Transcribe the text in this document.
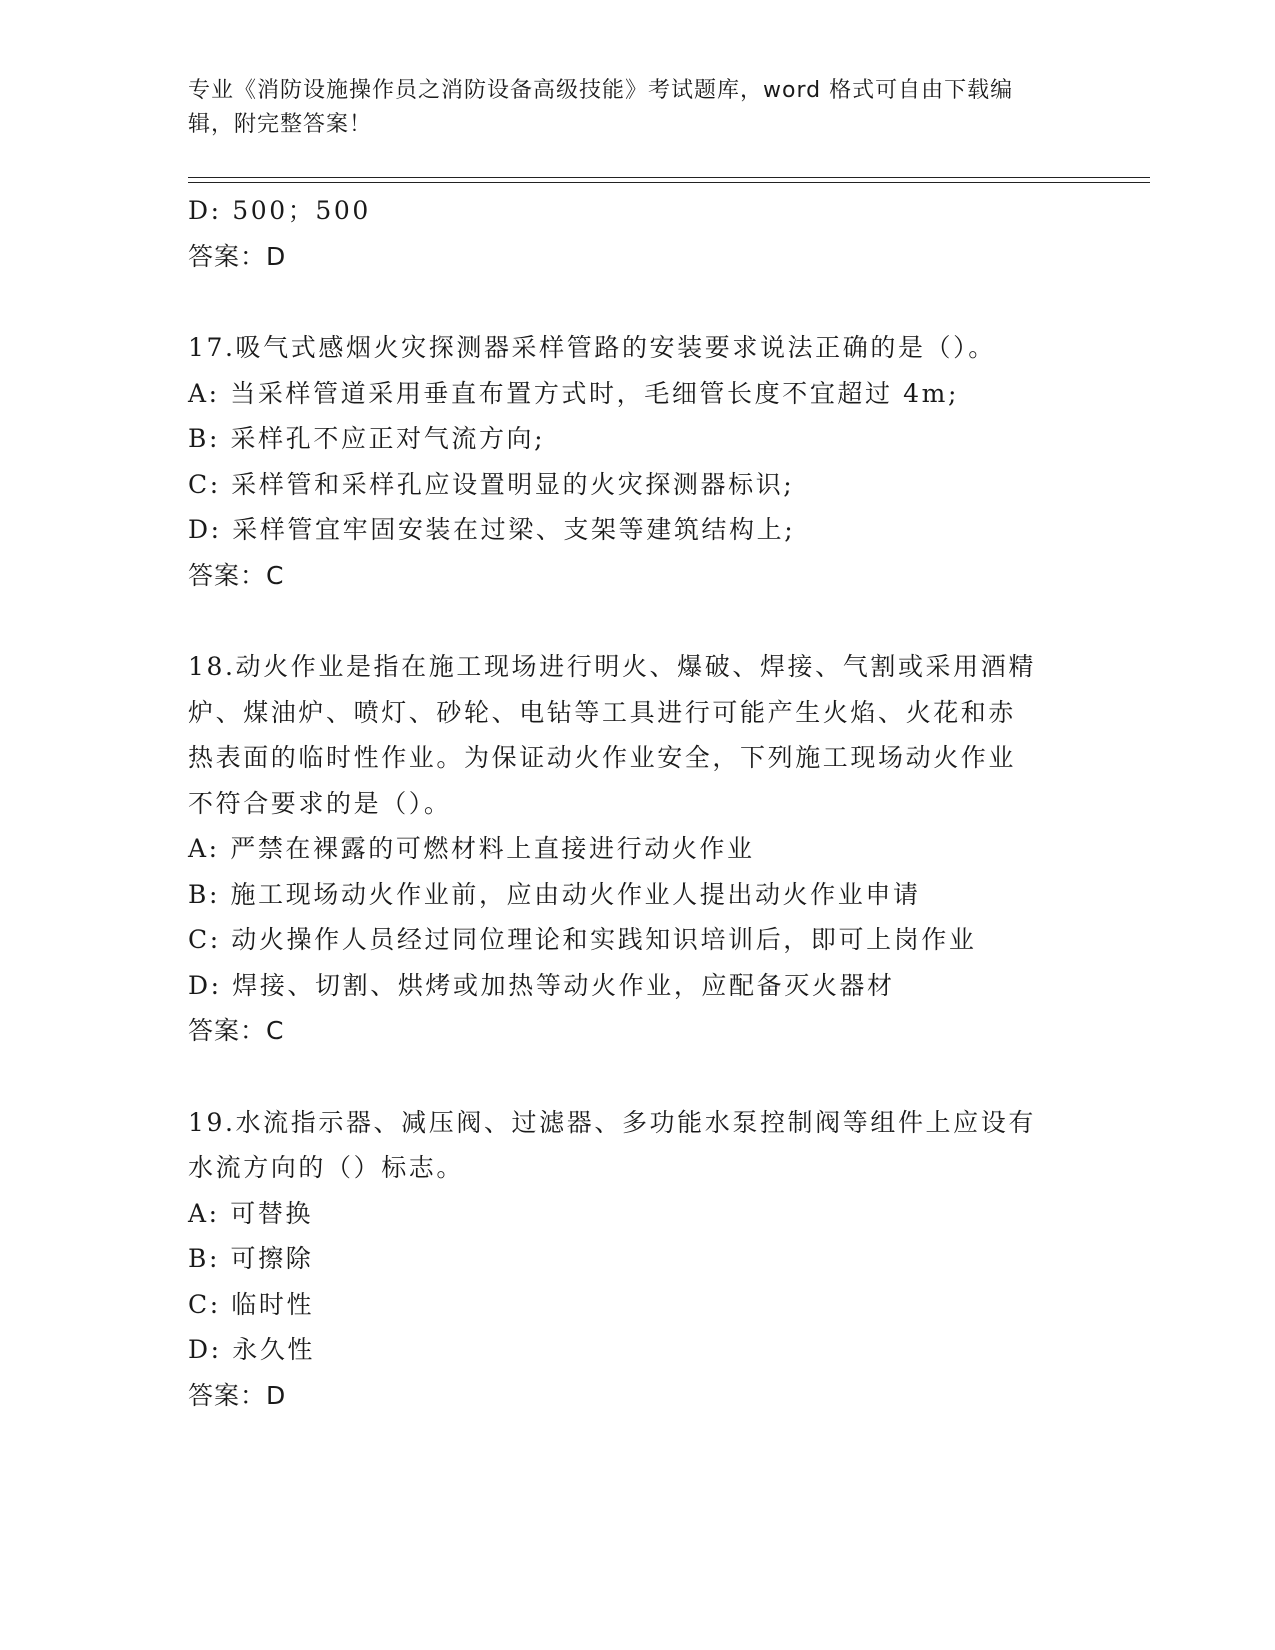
专业《消防设施操作员之消防设备高级技能》考试题库，word 格式可自由下载编
辑，附完整答案！
D: 500；500
答案：D
17.吸气式感烟火灾探测器采样管路的安装要求说法正确的是（）。
A: 当采样管道采用垂直布置方式时，毛细管长度不宜超过 4m;
B: 采样孔不应正对气流方向;
C: 采样管和采样孔应设置明显的火灾探测器标识;
D: 采样管宜牢固安装在过梁、支架等建筑结构上;
答案：C
18.动火作业是指在施工现场进行明火、爆破、焊接、气割或采用酒精
炉、煤油炉、喷灯、砂轮、电钻等工具进行可能产生火焰、火花和赤
热表面的临时性作业。为保证动火作业安全，下列施工现场动火作业
不符合要求的是（）。
A: 严禁在裸露的可燃材料上直接进行动火作业
B: 施工现场动火作业前，应由动火作业人提出动火作业申请
C: 动火操作人员经过同位理论和实践知识培训后，即可上岗作业
D: 焊接、切割、烘烤或加热等动火作业，应配备灭火器材
答案：C
19.水流指示器、减压阀、过滤器、多功能水泵控制阀等组件上应设有
水流方向的（）标志。
A: 可替换
B: 可擦除
C: 临时性
D: 永久性
答案：D
